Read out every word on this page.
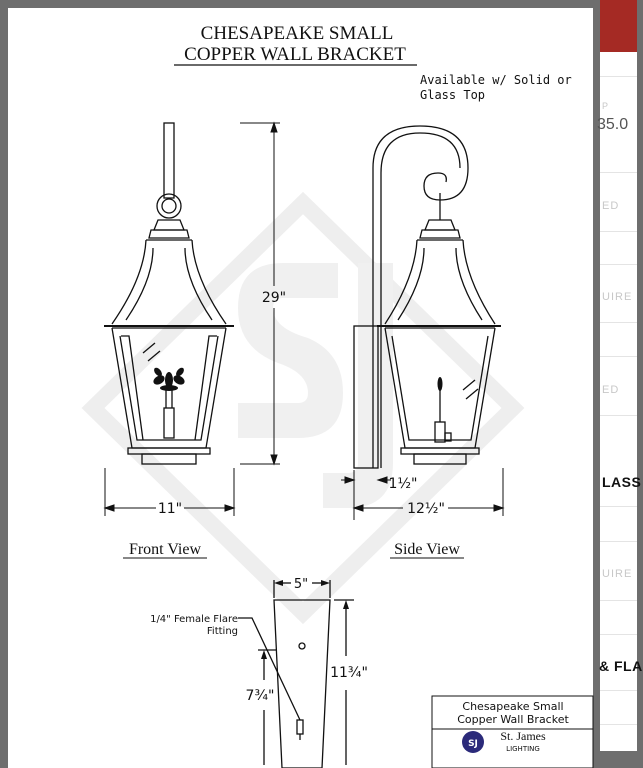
CHESAPEAKE SMALL
COPPER WALL BRACKET
Available w/ Solid or
Glass Top
29"
11"
Front View
1½"
12½"
Side View
5"
1/4" Female Flare
Fitting
11¾"
7¾"
Chesapeake Small
Copper Wall Bracket
SJ
St. James
LIGHTING
P
35.0
ED
UIRE
ED
LASS
UIRE
& FLA
